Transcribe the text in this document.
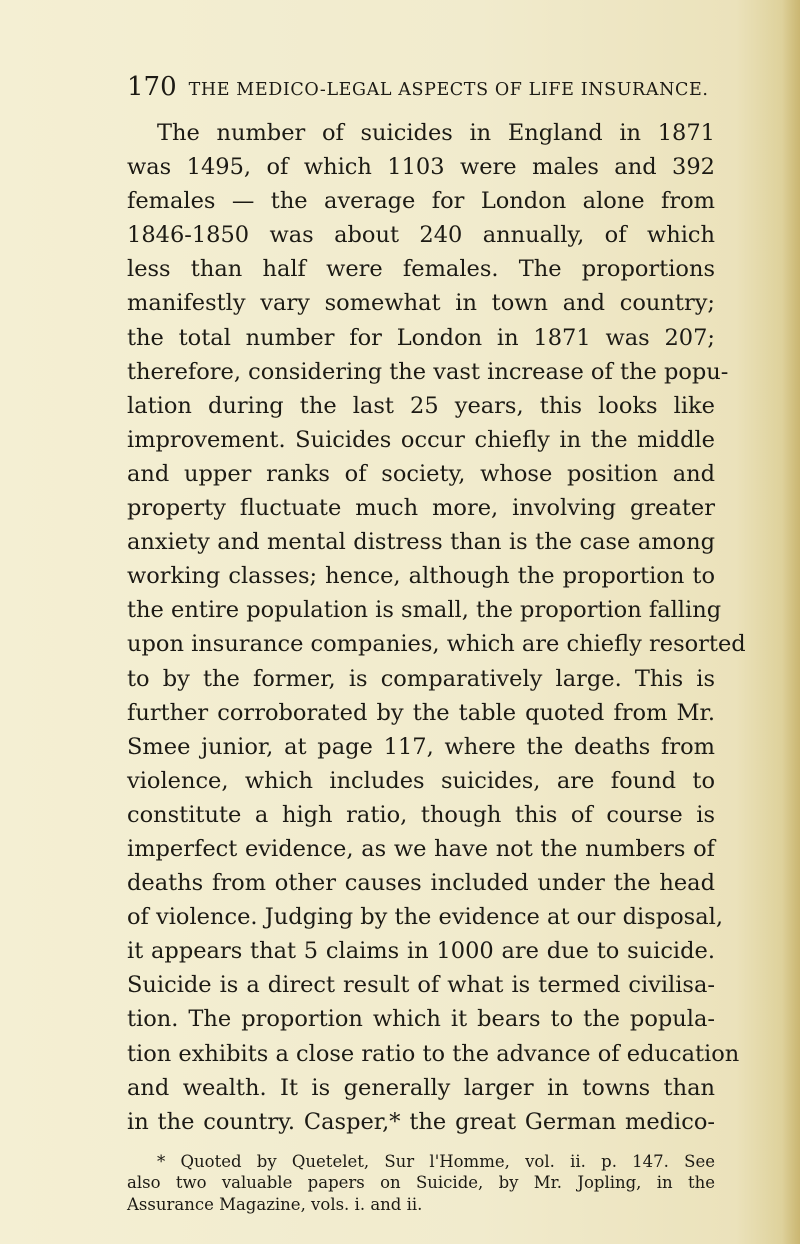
170 THE MEDICO-LEGAL ASPECTS OF LIFE INSURANCE.
The number of suicides in England in 1871
was 1495, of which 1103 were males and 392
females — the average for London alone from
1846-1850 was about 240 annually, of which
less than half were females. The proportions
manifestly vary somewhat in town and country;
the total number for London in 1871 was 207;
therefore, considering the vast increase of the popu-
lation during the last 25 years, this looks like
improvement. Suicides occur chiefly in the middle
and upper ranks of society, whose position and
property fluctuate much more, involving greater
anxiety and mental distress than is the case among
working classes; hence, although the proportion to
the entire population is small, the proportion falling
upon insurance companies, which are chiefly resorted
to by the former, is comparatively large. This is
further corroborated by the table quoted from Mr.
Smee junior, at page 117, where the deaths from
violence, which includes suicides, are found to
constitute a high ratio, though this of course is
imperfect evidence, as we have not the numbers of
deaths from other causes included under the head
of violence. Judging by the evidence at our disposal,
it appears that 5 claims in 1000 are due to suicide.
Suicide is a direct result of what is termed civilisa-
tion. The proportion which it bears to the popula-
tion exhibits a close ratio to the advance of education
and wealth. It is generally larger in towns than
in the country. Casper,* the great German medico-
* Quoted by Quetelet, Sur l'Homme, vol. ii. p. 147. See
also two valuable papers on Suicide, by Mr. Jopling, in the
Assurance Magazine, vols. i. and ii.
